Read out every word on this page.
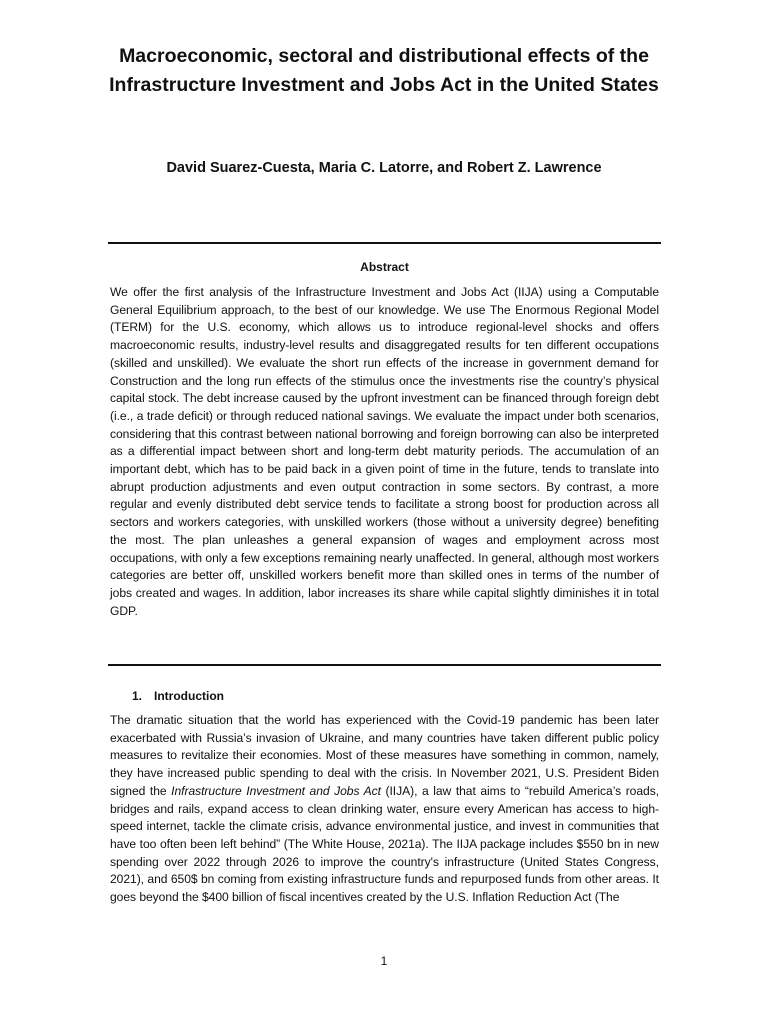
Macroeconomic, sectoral and distributional effects of the Infrastructure Investment and Jobs Act in the United States

David Suarez-Cuesta, Maria C. Latorre, and Robert Z. Lawrence

Abstract

We offer the first analysis of the Infrastructure Investment and Jobs Act (IIJA) using a Computable General Equilibrium approach, to the best of our knowledge. We use The Enormous Regional Model (TERM) for the U.S. economy, which allows us to introduce regional-level shocks and offers macroeconomic results, industry-level results and disaggregated results for ten different occupations (skilled and unskilled). We evaluate the short run effects of the increase in government demand for Construction and the long run effects of the stimulus once the investments rise the country’s physical capital stock. The debt increase caused by the upfront investment can be financed through foreign debt (i.e., a trade deficit) or through reduced national savings. We evaluate the impact under both scenarios, considering that this contrast between national borrowing and foreign borrowing can also be interpreted as a differential impact between short and long-term debt maturity periods. The accumulation of an important debt, which has to be paid back in a given point of time in the future, tends to translate into abrupt production adjustments and even output contraction in some sectors. By contrast, a more regular and evenly distributed debt service tends to facilitate a strong boost for production across all sectors and workers categories, with unskilled workers (those without a university degree) benefiting the most. The plan unleashes a general expansion of wages and employment across most occupations, with only a few exceptions remaining nearly unaffected. In general, although most workers categories are better off, unskilled workers benefit more than skilled ones in terms of the number of jobs created and wages. In addition, labor increases its share while capital slightly diminishes it in total GDP.

1. Introduction

The dramatic situation that the world has experienced with the Covid-19 pandemic has been later exacerbated with Russia’s invasion of Ukraine, and many countries have taken different public policy measures to revitalize their economies. Most of these measures have something in common, namely, they have increased public spending to deal with the crisis. In November 2021, U.S. President Biden signed the Infrastructure Investment and Jobs Act (IIJA), a law that aims to “rebuild America’s roads, bridges and rails, expand access to clean drinking water, ensure every American has access to high-speed internet, tackle the climate crisis, advance environmental justice, and invest in communities that have too often been left behind” (The White House, 2021a). The IIJA package includes $550 bn in new spending over 2022 through 2026 to improve the country's infrastructure (United States Congress, 2021), and 650$ bn coming from existing infrastructure funds and repurposed funds from other areas. It goes beyond the $400 billion of fiscal incentives created by the U.S. Inflation Reduction Act (The

1
